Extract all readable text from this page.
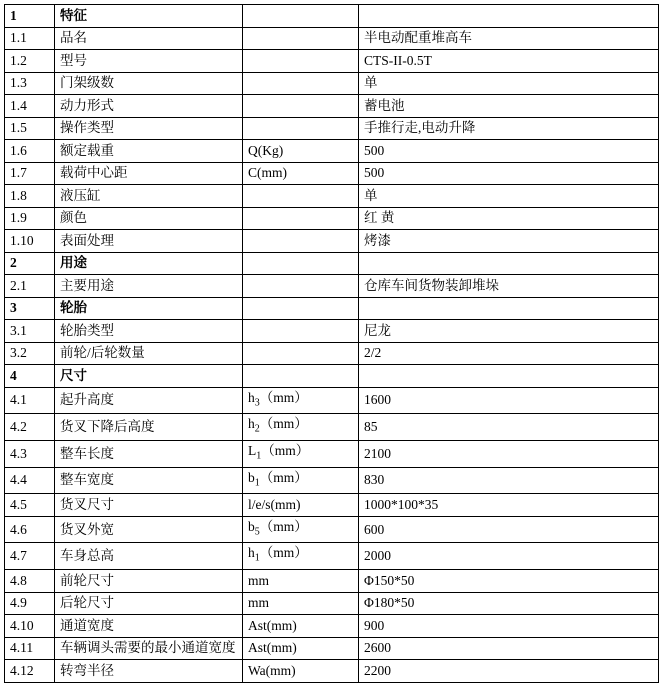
1	特征		
1.1	品名		半电动配重堆高车
1.2	型号		CTS-II-0.5T
1.3	门架级数		单
1.4	动力形式		蓄电池
1.5	操作类型		手推行走,电动升降
1.6	额定载重	Q(Kg)	500
1.7	载荷中心距	C(mm)	500
1.8	液压缸		单
1.9	颜色		红 黄
1.10	表面处理		烤漆
2	用途		
2.1	主要用途		仓库车间货物装卸堆垛
3	轮胎		
3.1	轮胎类型		尼龙
3.2	前轮/后轮数量		2/2
4	尺寸		
4.1	起升高度	$h_3(mm)$	1600
4.2	货叉下降后高度	$h_2(mm)$	85
4.3	整车长度	$L_1(mm)$	2100
4.4	整车宽度	$b_1(mm)$	830
4.5	货叉尺寸	l/e/s(mm)	1000*100*35
4.6	货叉外宽	$b_5(mm)$	600
4.7	车身总高	$h_1(mm)$	2000
4.8	前轮尺寸	mm	Φ150*50
4.9	后轮尺寸	mm	Φ180*50
4.10	通道宽度	Ast(mm)	900
4.11	车辆调头需要的最小通道宽度	Ast(mm)	2600
4.12	转弯半径	Wa(mm)	2200
